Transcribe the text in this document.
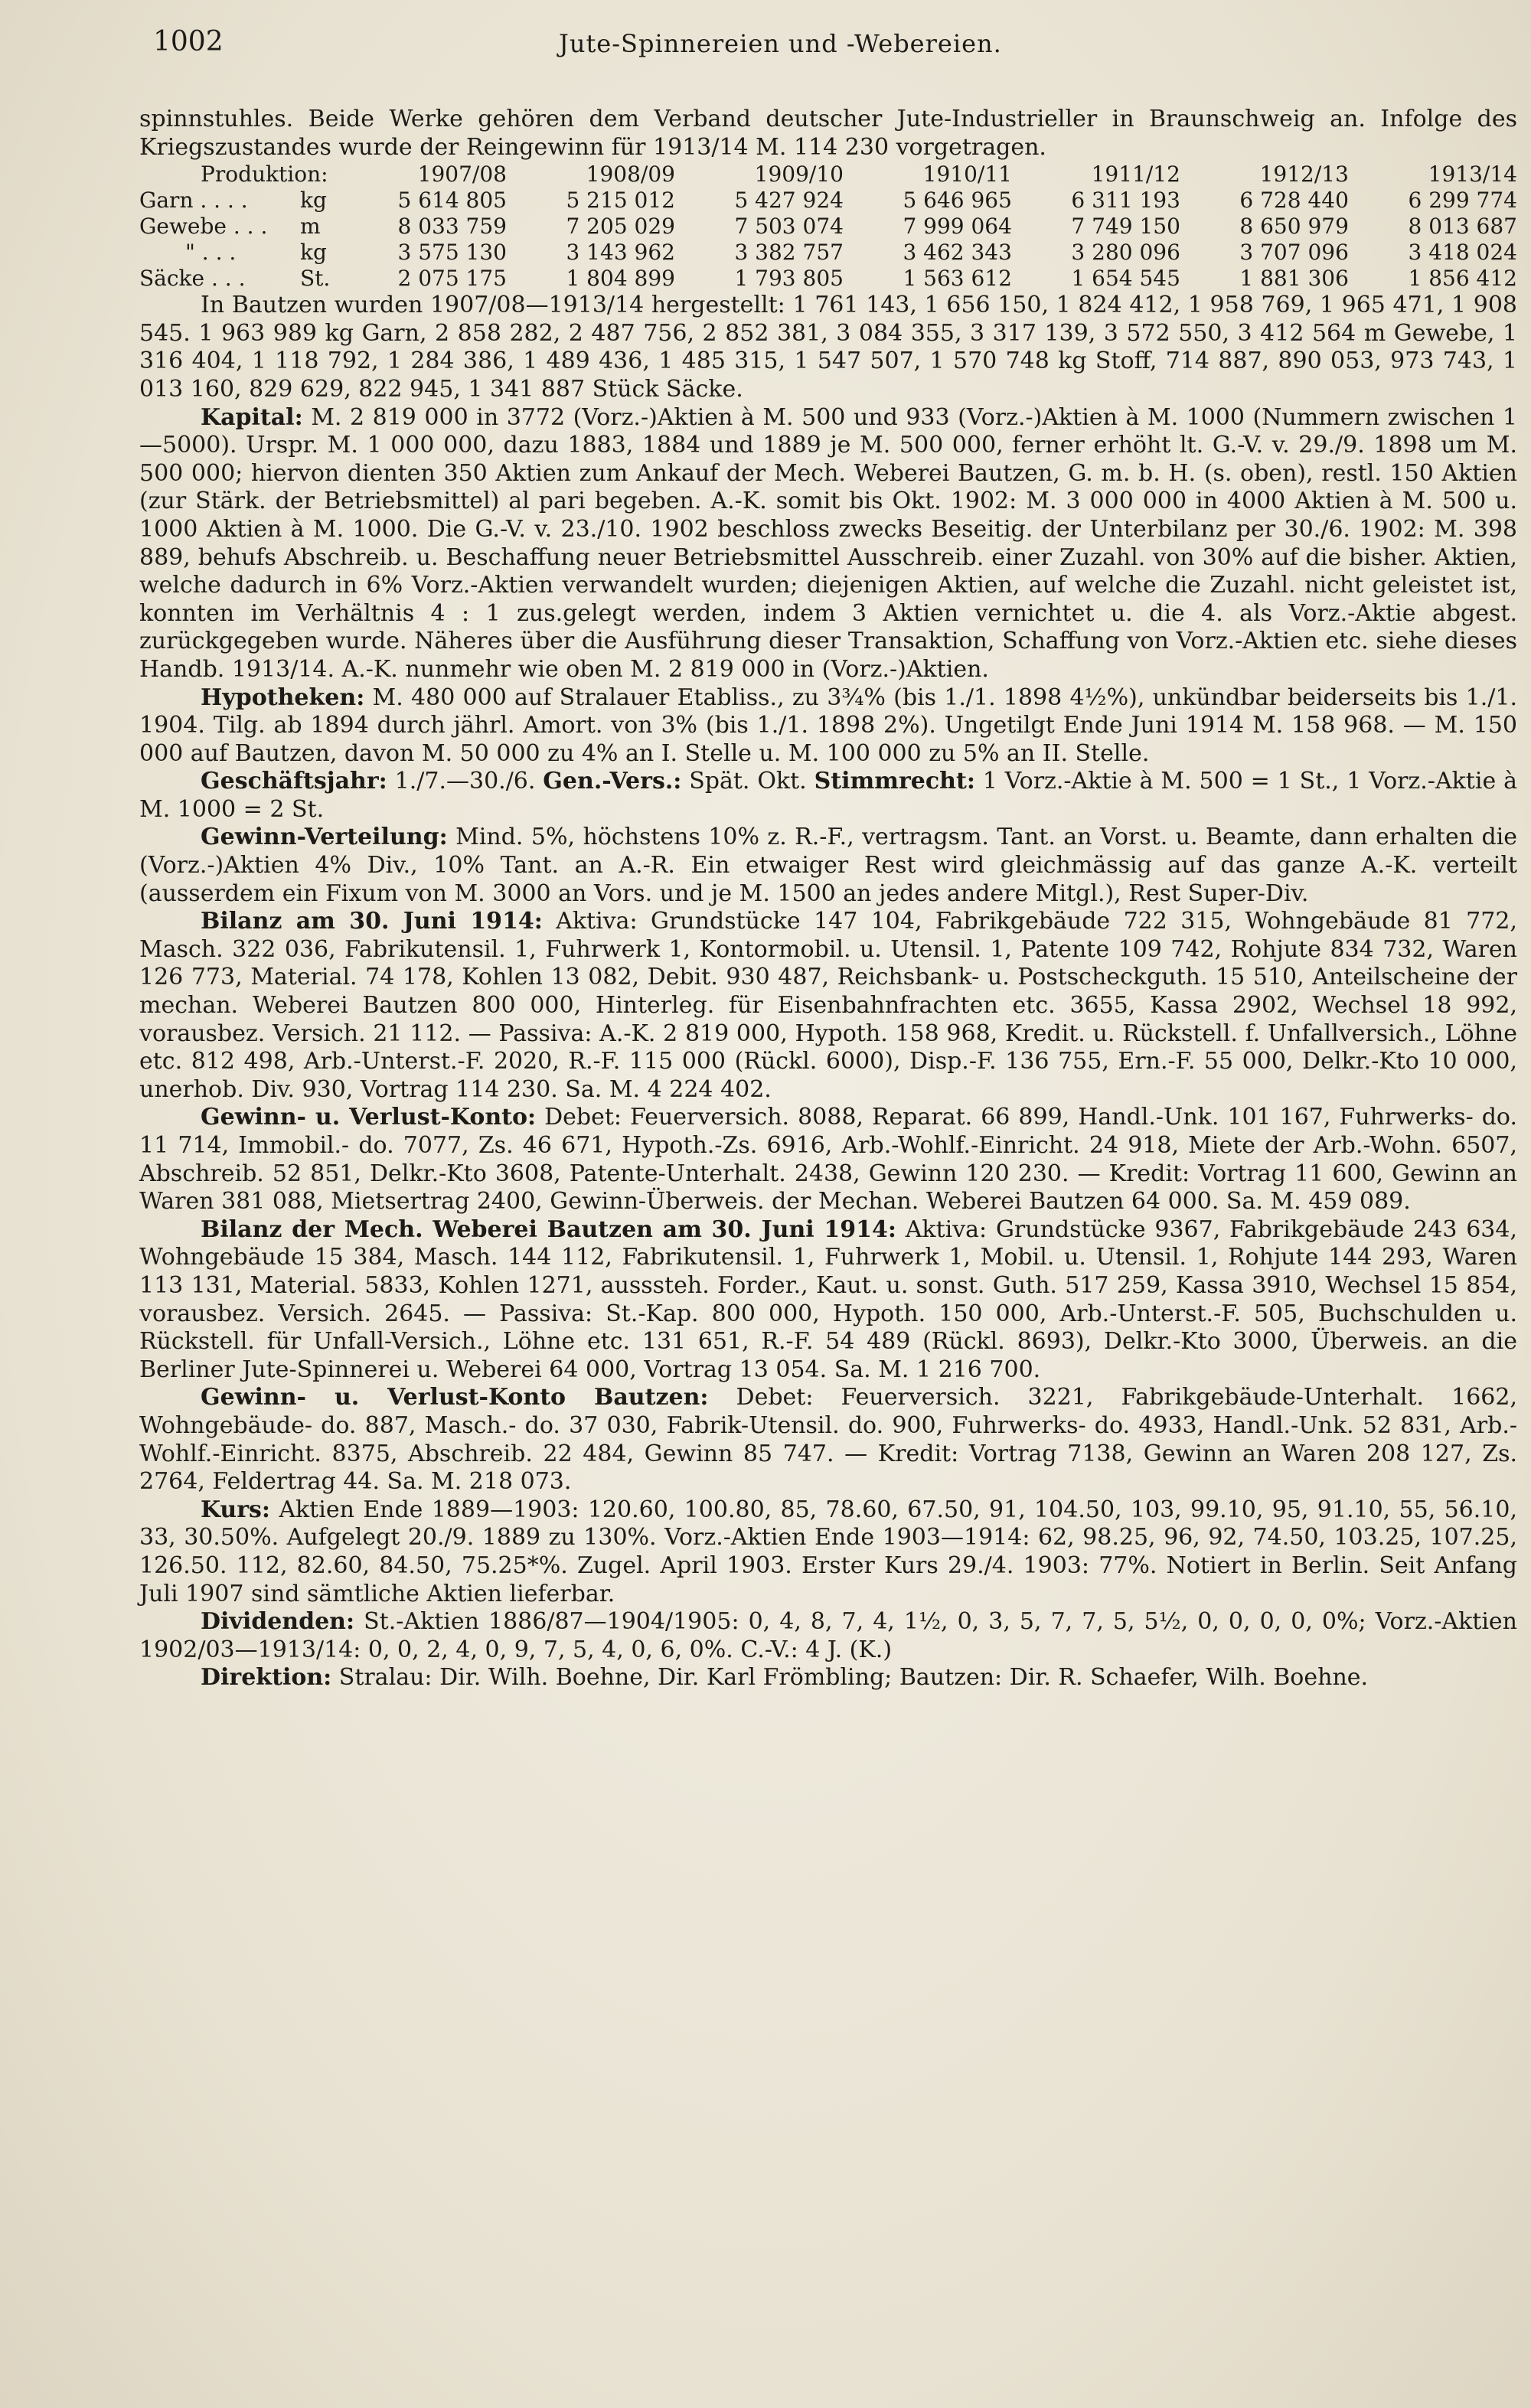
1002	Jute-Spinnereien und -Webereien.

spinnstuhles. Beide Werke gehören dem Verband deutscher Jute-Industrieller in Braunschweig an. Infolge des Kriegszustandes wurde der Reingewinn für 1913/14 M. 114 230 vorgetragen.

Produktion:		1907/08	1908/09	1909/10	1910/11	1911/12	1912/13	1913/14
Garn . . . .	kg	5 614 805	5 215 012	5 427 924	5 646 965	6 311 193	6 728 440	6 299 774
Gewebe . . .	m	8 033 759	7 205 029	7 503 074	7 999 064	7 749 150	8 650 979	8 013 687
" . . .	kg	3 575 130	3 143 962	3 382 757	3 462 343	3 280 096	3 707 096	3 418 024
Säcke . . .	St.	2 075 175	1 804 899	1 793 805	1 563 612	1 654 545	1 881 306	1 856 412

In Bautzen wurden 1907/08—1913/14 hergestellt: 1 761 143, 1 656 150, 1 824 412, 1 958 769, 1 965 471, 1 908 545. 1 963 989 kg Garn, 2 858 282, 2 487 756, 2 852 381, 3 084 355, 3 317 139, 3 572 550, 3 412 564 m Gewebe, 1 316 404, 1 118 792, 1 284 386, 1 489 436, 1 485 315, 1 547 507, 1 570 748 kg Stoff, 714 887, 890 053, 973 743, 1 013 160, 829 629, 822 945, 1 341 887 Stück Säcke.

Kapital: M. 2 819 000 in 3772 (Vorz.-)Aktien à M. 500 und 933 (Vorz.-)Aktien à M. 1000 (Nummern zwischen 1—5000). Urspr. M. 1 000 000, dazu 1883, 1884 und 1889 je M. 500 000, ferner erhöht lt. G.-V. v. 29./9. 1898 um M. 500 000; hiervon dienten 350 Aktien zum Ankauf der Mech. Weberei Bautzen, G. m. b. H. (s. oben), restl. 150 Aktien (zur Stärk. der Betriebsmittel) al pari begeben. A.-K. somit bis Okt. 1902: M. 3 000 000 in 4000 Aktien à M. 500 u. 1000 Aktien à M. 1000. Die G.-V. v. 23./10. 1902 beschloss zwecks Beseitig. der Unterbilanz per 30./6. 1902: M. 398 889, behufs Abschreib. u. Beschaffung neuer Betriebsmittel Ausschreib. einer Zuzahl. von 30% auf die bisher. Aktien, welche dadurch in 6% Vorz.-Aktien verwandelt wurden; diejenigen Aktien, auf welche die Zuzahl. nicht geleistet ist, konnten im Verhältnis 4 : 1 zus.gelegt werden, indem 3 Aktien vernichtet u. die 4. als Vorz.-Aktie abgest. zurückgegeben wurde. Näheres über die Ausführung dieser Transaktion, Schaffung von Vorz.-Aktien etc. siehe dieses Handb. 1913/14. A.-K. nunmehr wie oben M. 2 819 000 in (Vorz.-)Aktien.

Hypotheken: M. 480 000 auf Stralauer Etabliss., zu 3¾% (bis 1./1. 1898 4½%), unkündbar beiderseits bis 1./1. 1904. Tilg. ab 1894 durch jährl. Amort. von 3% (bis 1./1. 1898 2%). Ungetilgt Ende Juni 1914 M. 158 968. — M. 150 000 auf Bautzen, davon M. 50 000 zu 4% an I. Stelle u. M. 100 000 zu 5% an II. Stelle.

Geschäftsjahr: 1./7.—30./6. Gen.-Vers.: Spät. Okt. Stimmrecht: 1 Vorz.-Aktie à M. 500 = 1 St., 1 Vorz.-Aktie à M. 1000 = 2 St.

Gewinn-Verteilung: Mind. 5%, höchstens 10% z. R.-F., vertragsm. Tant. an Vorst. u. Beamte, dann erhalten die (Vorz.-)Aktien 4% Div., 10% Tant. an A.-R. Ein etwaiger Rest wird gleichmässig auf das ganze A.-K. verteilt (ausserdem ein Fixum von M. 3000 an Vors. und je M. 1500 an jedes andere Mitgl.), Rest Super-Div.

Bilanz am 30. Juni 1914: Aktiva: Grundstücke 147 104, Fabrikgebäude 722 315, Wohngebäude 81 772, Masch. 322 036, Fabrikutensil. 1, Fuhrwerk 1, Kontormobil. u. Utensil. 1, Patente 109 742, Rohjute 834 732, Waren 126 773, Material. 74 178, Kohlen 13 082, Debit. 930 487, Reichsbank- u. Postscheckguth. 15 510, Anteilscheine der mechan. Weberei Bautzen 800 000, Hinterleg. für Eisenbahnfrachten etc. 3655, Kassa 2902, Wechsel 18 992, vorausbez. Versich. 21 112. — Passiva: A.-K. 2 819 000, Hypoth. 158 968, Kredit. u. Rückstell. f. Unfallversich., Löhne etc. 812 498, Arb.-Unterst.-F. 2020, R.-F. 115 000 (Rückl. 6000), Disp.-F. 136 755, Ern.-F. 55 000, Delkr.-Kto 10 000, unerhob. Div. 930, Vortrag 114 230. Sa. M. 4 224 402.

Gewinn- u. Verlust-Konto: Debet: Feuerversich. 8088, Reparat. 66 899, Handl.-Unk. 101 167, Fuhrwerks- do. 11 714, Immobil.- do. 7077, Zs. 46 671, Hypoth.-Zs. 6916, Arb.-Wohlf.-Einricht. 24 918, Miete der Arb.-Wohn. 6507, Abschreib. 52 851, Delkr.-Kto 3608, Patente-Unterhalt. 2438, Gewinn 120 230. — Kredit: Vortrag 11 600, Gewinn an Waren 381 088, Mietsertrag 2400, Gewinn-Überweis. der Mechan. Weberei Bautzen 64 000. Sa. M. 459 089.

Bilanz der Mech. Weberei Bautzen am 30. Juni 1914: Aktiva: Grundstücke 9367, Fabrikgebäude 243 634, Wohngebäude 15 384, Masch. 144 112, Fabrikutensil. 1, Fuhrwerk 1, Mobil. u. Utensil. 1, Rohjute 144 293, Waren 113 131, Material. 5833, Kohlen 1271, ausssteh. Forder., Kaut. u. sonst. Guth. 517 259, Kassa 3910, Wechsel 15 854, vorausbez. Versich. 2645. — Passiva: St.-Kap. 800 000, Hypoth. 150 000, Arb.-Unterst.-F. 505, Buchschulden u. Rückstell. für Unfall-Versich., Löhne etc. 131 651, R.-F. 54 489 (Rückl. 8693), Delkr.-Kto 3000, Überweis. an die Berliner Jute-Spinnerei u. Weberei 64 000, Vortrag 13 054. Sa. M. 1 216 700.

Gewinn- u. Verlust-Konto Bautzen: Debet: Feuerversich. 3221, Fabrikgebäude-Unterhalt. 1662, Wohngebäude- do. 887, Masch.- do. 37 030, Fabrik-Utensil. do. 900, Fuhrwerks- do. 4933, Handl.-Unk. 52 831, Arb.-Wohlf.-Einricht. 8375, Abschreib. 22 484, Gewinn 85 747. — Kredit: Vortrag 7138, Gewinn an Waren 208 127, Zs. 2764, Feldertrag 44. Sa. M. 218 073.

Kurs: Aktien Ende 1889—1903: 120.60, 100.80, 85, 78.60, 67.50, 91, 104.50, 103, 99.10, 95, 91.10, 55, 56.10, 33, 30.50%. Aufgelegt 20./9. 1889 zu 130%. Vorz.-Aktien Ende 1903—1914: 62, 98.25, 96, 92, 74.50, 103.25, 107.25, 126.50. 112, 82.60, 84.50, 75.25*%. Zugel. April 1903. Erster Kurs 29./4. 1903: 77%. Notiert in Berlin. Seit Anfang Juli 1907 sind sämtliche Aktien lieferbar.

Dividenden: St.-Aktien 1886/87—1904/1905: 0, 4, 8, 7, 4, 1½, 0, 3, 5, 7, 7, 5, 5½, 0, 0, 0, 0, 0%; Vorz.-Aktien 1902/03—1913/14: 0, 0, 2, 4, 0, 9, 7, 5, 4, 0, 6, 0%. C.-V.: 4 J. (K.)

Direktion: Stralau: Dir. Wilh. Boehne, Dir. Karl Frömbling; Bautzen: Dir. R. Schaefer, Wilh. Boehne.
